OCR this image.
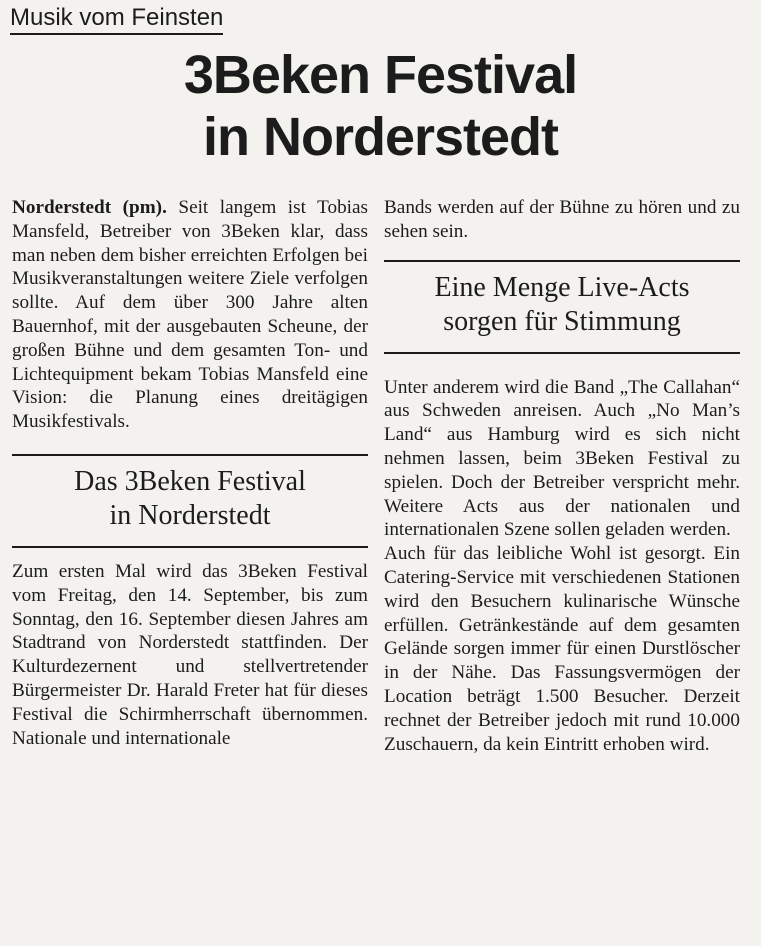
Musik vom Feinsten
3Beken Festival
in Norderstedt

Norderstedt (pm). Seit langem ist Tobias Mansfeld, Betreiber von 3Beken klar, dass man neben dem bisher erreichten Erfolgen bei Musikveranstaltungen weitere Ziele verfolgen sollte. Auf dem über 300 Jahre alten Bauernhof, mit der ausgebauten Scheune, der großen Bühne und dem gesamten Ton- und Lichtequipment bekam Tobias Mansfeld eine Vision: die Planung eines dreitägigen Musikfestivals.

Das 3Beken Festival
in Norderstedt

Zum ersten Mal wird das 3Beken Festival vom Freitag, den 14. September, bis zum Sonntag, den 16. September diesen Jahres am Stadtrand von Norderstedt stattfinden. Der Kulturdezernent und stellvertretender Bürgermeister Dr. Harald Freter hat für dieses Festival die Schirmherrschaft übernommen. Nationale und internationale

Bands werden auf der Bühne zu hören und zu sehen sein.

Eine Menge Live-Acts
sorgen für Stimmung

Unter anderem wird die Band „The Callahan“ aus Schweden anreisen. Auch „No Man’s Land“ aus Hamburg wird es sich nicht nehmen lassen, beim 3Beken Festival zu spielen. Doch der Betreiber verspricht mehr. Weitere Acts aus der nationalen und internationalen Szene sollen geladen werden.

Auch für das leibliche Wohl ist gesorgt. Ein Catering-Service mit verschiedenen Stationen wird den Besuchern kulinarische Wünsche erfüllen. Getränkestände auf dem gesamten Gelände sorgen immer für einen Durstlöscher in der Nähe. Das Fassungsvermögen der Location beträgt 1.500 Besucher. Derzeit rechnet der Betreiber jedoch mit rund 10.000 Zuschauern, da kein Eintritt erhoben wird.
